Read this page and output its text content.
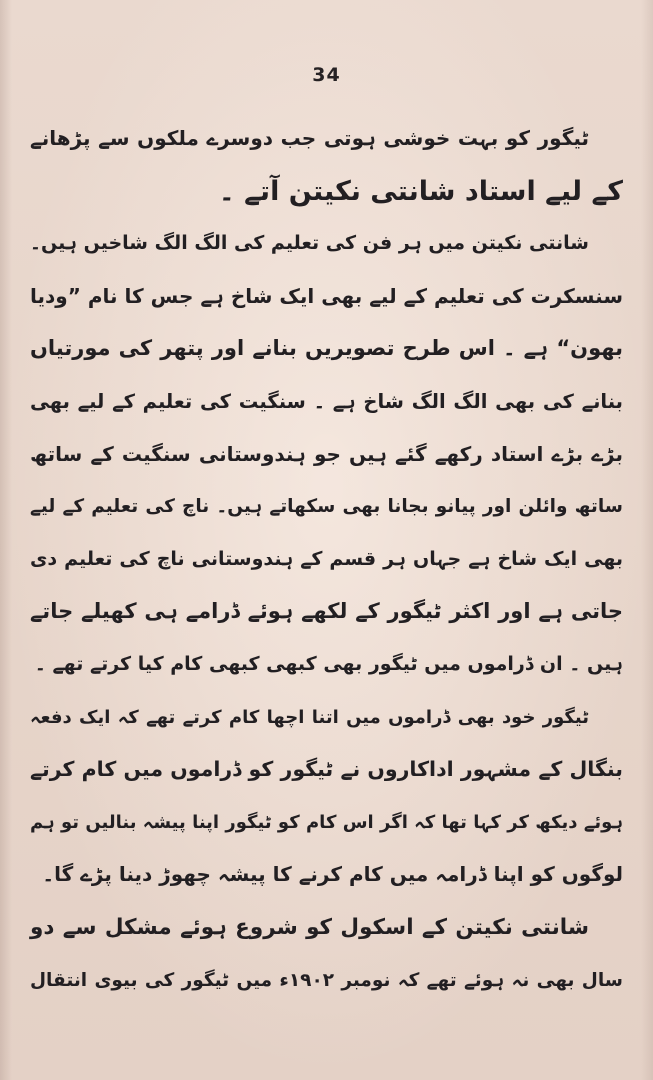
34
ٹیگور کو بہت خوشی ہوتی جب دوسرے ملکوں سے پڑھانے
کے لیے استاد شانتی نکیتن آتے ۔
شانتی نکیتن میں ہر فن کی تعلیم کی الگ الگ شاخیں ہیں۔
سنسکرت کی تعلیم کے لیے بھی ایک شاخ ہے جس کا نام ”ودیا
بھون“ ہے ۔ اس طرح تصویریں بنانے اور پتھر کی مورتیاں
بنانے کی بھی الگ الگ شاخ ہے ۔ سنگیت کی تعلیم کے لیے بھی
بڑے بڑے استاد رکھے گئے ہیں جو ہندوستانی سنگیت کے ساتھ
ساتھ وائلن اور پیانو بجانا بھی سکھاتے ہیں۔ ناچ کی تعلیم کے لیے
بھی ایک شاخ ہے جہاں ہر قسم کے ہندوستانی ناچ کی تعلیم دی
جاتی ہے اور اکثر ٹیگور کے لکھے ہوئے ڈرامے ہی کھیلے جاتے
ہیں ۔ ان ڈراموں میں ٹیگور بھی کبھی کبھی کام کیا کرتے تھے ۔
ٹیگور خود بھی ڈراموں میں اتنا اچھا کام کرتے تھے کہ ایک دفعہ
بنگال کے مشہور اداکاروں نے ٹیگور کو ڈراموں میں کام کرتے
ہوئے دیکھ کر کہا تھا کہ اگر اس کام کو ٹیگور اپنا پیشہ بنالیں تو ہم
لوگوں کو اپنا ڈرامہ میں کام کرنے کا پیشہ چھوڑ دینا پڑے گا۔
شانتی نکیتن کے اسکول کو شروع ہوئے مشکل سے دو
سال بھی نہ ہوئے تھے کہ نومبر ۱۹۰۲ء میں ٹیگور کی بیوی انتقال
